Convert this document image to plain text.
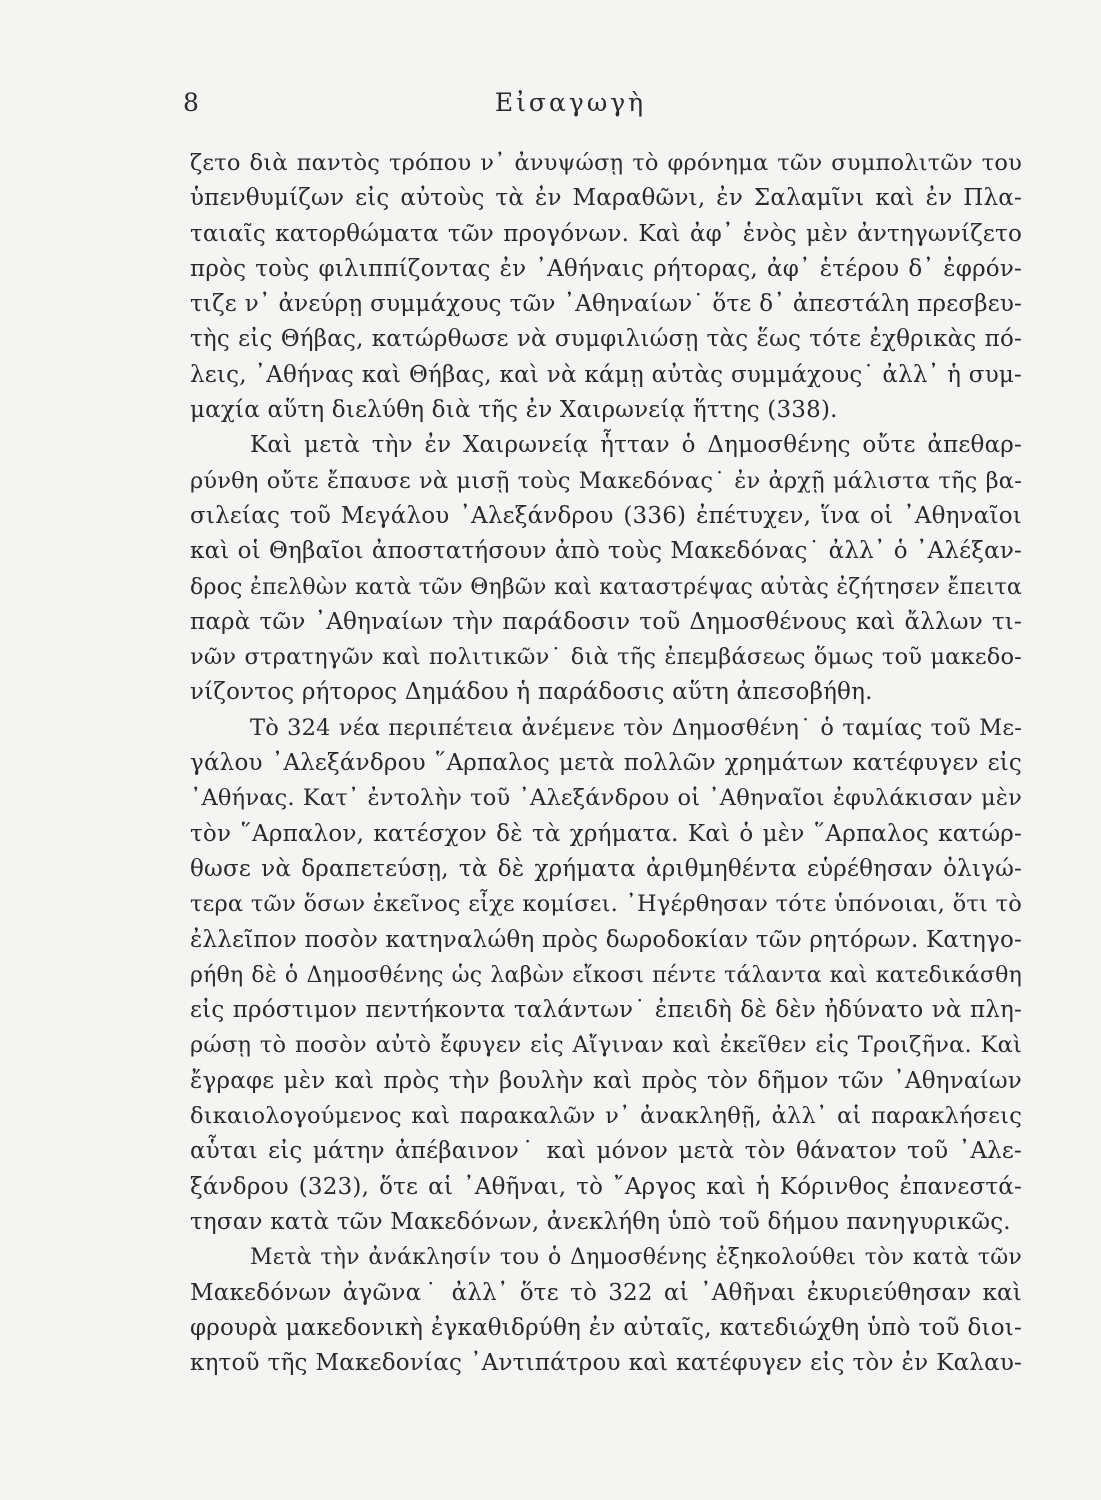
8	Εἰσαγωγὴ
ζετο διὰ παντὸς τρόπου ν᾽ ἀνυψώσῃ τὸ φρόνημα τῶν συμπολιτῶν του
ὑπενθυμίζων εἰς αὐτοὺς τὰ ἐν Μαραθῶνι, ἐν Σαλαμῖνι καὶ ἐν Πλα-
ταιαῖς κατορθώματα τῶν προγόνων. Καὶ ἀφ᾽ ἑνὸς μὲν ἀντηγωνίζετο
πρὸς τοὺς φιλιππίζοντας ἐν ᾽Αθήναις ρήτορας, ἀφ᾽ ἑτέρου δ᾽ ἐφρόν-
τιζε ν᾽ ἀνεύρῃ συμμάχους τῶν ᾽Αθηναίων˙ ὅτε δ᾽ ἀπεστάλη πρεσβευ-
τὴς εἰς Θήβας, κατώρθωσε νὰ συμφιλιώσῃ τὰς ἕως τότε ἐχθρικὰς πό-
λεις, ᾽Αθήνας καὶ Θήβας, καὶ νὰ κάμῃ αὐτὰς συμμάχους˙ ἀλλ᾽ ἡ συμ-
μαχία αὕτη διελύθη διὰ τῆς ἐν Χαιρωνείᾳ ἥττης (338).
Καὶ μετὰ τὴν ἐν Χαιρωνείᾳ ἧτταν ὁ Δημοσθένης οὔτε ἀπεθαρ-
ρύνθη οὔτε ἔπαυσε νὰ μισῇ τοὺς Μακεδόνας˙ ἐν ἀρχῇ μάλιστα τῆς βα-
σιλείας τοῦ Μεγάλου ᾽Αλεξάνδρου (336) ἐπέτυχεν, ἵνα οἱ ᾽Αθηναῖοι
καὶ οἱ Θηβαῖοι ἀποστατήσουν ἀπὸ τοὺς Μακεδόνας˙ ἀλλ᾽ ὁ ᾽Αλέξαν-
δρος ἐπελθὼν κατὰ τῶν Θηβῶν καὶ καταστρέψας αὐτὰς ἐζήτησεν ἔπειτα
παρὰ τῶν ᾽Αθηναίων τὴν παράδοσιν τοῦ Δημοσθένους καὶ ἄλλων τι-
νῶν στρατηγῶν καὶ πολιτικῶν˙ διὰ τῆς ἐπεμβάσεως ὅμως τοῦ μακεδο-
νίζοντος ρήτορος Δημάδου ἡ παράδοσις αὕτη ἀπεσοβήθη.
Τὸ 324 νέα περιπέτεια ἀνέμενε τὸν Δημοσθένη˙ ὁ ταμίας τοῦ Με-
γάλου ᾽Αλεξάνδρου ῞Αρπαλος μετὰ πολλῶν χρημάτων κατέφυγεν εἰς
᾽Αθήνας. Κατ᾽ ἐντολὴν τοῦ ᾽Αλεξάνδρου οἱ ᾽Αθηναῖοι ἐφυλάκισαν μὲν
τὸν ῞Αρπαλον, κατέσχον δὲ τὰ χρήματα. Καὶ ὁ μὲν ῞Αρπαλος κατώρ-
θωσε νὰ δραπετεύσῃ, τὰ δὲ χρήματα ἀριθμηθέντα εὑρέθησαν ὀλιγώ-
τερα τῶν ὅσων ἐκεῖνος εἶχε κομίσει. ᾽Ηγέρθησαν τότε ὑπόνοιαι, ὅτι τὸ
ἐλλεῖπον ποσὸν κατηναλώθη πρὸς δωροδοκίαν τῶν ρητόρων. Κατηγο-
ρήθη δὲ ὁ Δημοσθένης ὡς λαβὼν εἴκοσι πέντε τάλαντα καὶ κατεδικάσθη
εἰς πρόστιμον πεντήκοντα ταλάντων˙ ἐπειδὴ δὲ δὲν ἠδύνατο νὰ πλη-
ρώσῃ τὸ ποσὸν αὐτὸ ἔφυγεν εἰς Αἴγιναν καὶ ἐκεῖθεν εἰς Τροιζῆνα. Καὶ
ἔγραφε μὲν καὶ πρὸς τὴν βουλὴν καὶ πρὸς τὸν δῆμον τῶν ᾽Αθηναίων
δικαιολογούμενος καὶ παρακαλῶν ν᾽ ἀνακληθῇ, ἀλλ᾽ αἱ παρακλήσεις
αὗται εἰς μάτην ἀπέβαινον˙ καὶ μόνον μετὰ τὸν θάνατον τοῦ ᾽Αλε-
ξάνδρου (323), ὅτε αἱ ᾽Αθῆναι, τὸ ῎Αργος καὶ ἡ Κόρινθος ἐπανεστά-
τησαν κατὰ τῶν Μακεδόνων, ἀνεκλήθη ὑπὸ τοῦ δήμου πανηγυρικῶς.
Μετὰ τὴν ἀνάκλησίν του ὁ Δημοσθένης ἐξηκολούθει τὸν κατὰ τῶν
Μακεδόνων ἀγῶνα˙ ἀλλ᾽ ὅτε τὸ 322 αἱ ᾽Αθῆναι ἐκυριεύθησαν καὶ
φρουρὰ μακεδονικὴ ἐγκαθιδρύθη ἐν αὐταῖς, κατεδιώχθη ὑπὸ τοῦ διοι-
κητοῦ τῆς Μακεδονίας ᾽Αντιπάτρου καὶ κατέφυγεν εἰς τὸν ἐν Καλαυ-
